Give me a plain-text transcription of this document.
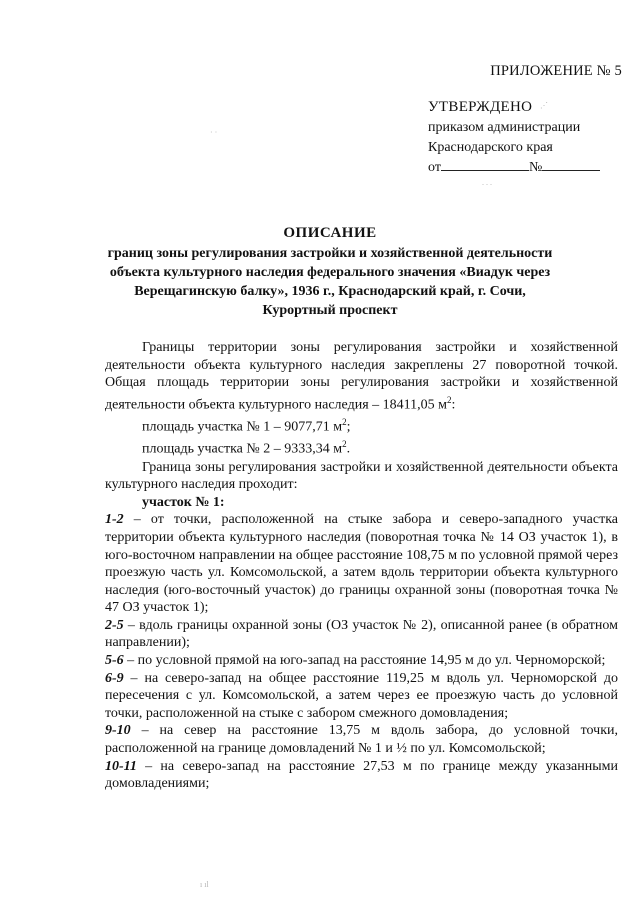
ПРИЛОЖЕНИЕ № 5
УТВЕРЖДЕНО
приказом администрации
Краснодарского края
от	№
ОПИСАНИЕ
границ зоны регулирования застройки и хозяйственной деятельности
объекта культурного наследия федерального значения «Виадук через
Верещагинскую балку», 1936 г., Краснодарский край, г. Сочи,
Курортный проспект

Границы территории зоны регулирования застройки и хозяйственной деятельности объекта культурного наследия закреплены 27 поворотной точкой. Общая площадь территории зоны регулирования застройки и хозяйственной деятельности объекта культурного наследия – 18411,05 $м^2$:

площадь участка № 1 – 9077,71 $м^2$;

площадь участка № 2 – 9333,34 $м^2$.

Граница зоны регулирования застройки и хозяйственной деятельности объекта культурного наследия проходит:

участок № 1:

1-2 – от точки, расположенной на стыке забора и северо-западного участка территории объекта культурного наследия (поворотная точка № 14 ОЗ участок 1), в юго-восточном направлении на общее расстояние 108,75 м по условной прямой через проезжую часть ул. Комсомольской, а затем вдоль территории объекта культурного наследия (юго-восточный участок) до границы охранной зоны (поворотная точка № 47 ОЗ участок 1);

2-5 – вдоль границы охранной зоны (ОЗ участок № 2), описанной ранее (в обратном направлении);

5-6 – по условной прямой на юго-запад на расстояние 14,95 м до ул. Черноморской;

6-9 – на северо-запад на общее расстояние 119,25 м вдоль ул. Черноморской до пересечения с ул. Комсомольской, а затем через ее проезжую часть до условной точки, расположенной на стыке с забором смежного домовладения;

9-10 – на север на расстояние 13,75 м вдоль забора, до условной точки, расположенной на границе домовладений № 1 и ½ по ул. Комсомольской;

10-11 – на северо-запад на расстояние 27,53 м по границе между указанными домовладениями;

· ·
⋰
. . .
ı ıl
